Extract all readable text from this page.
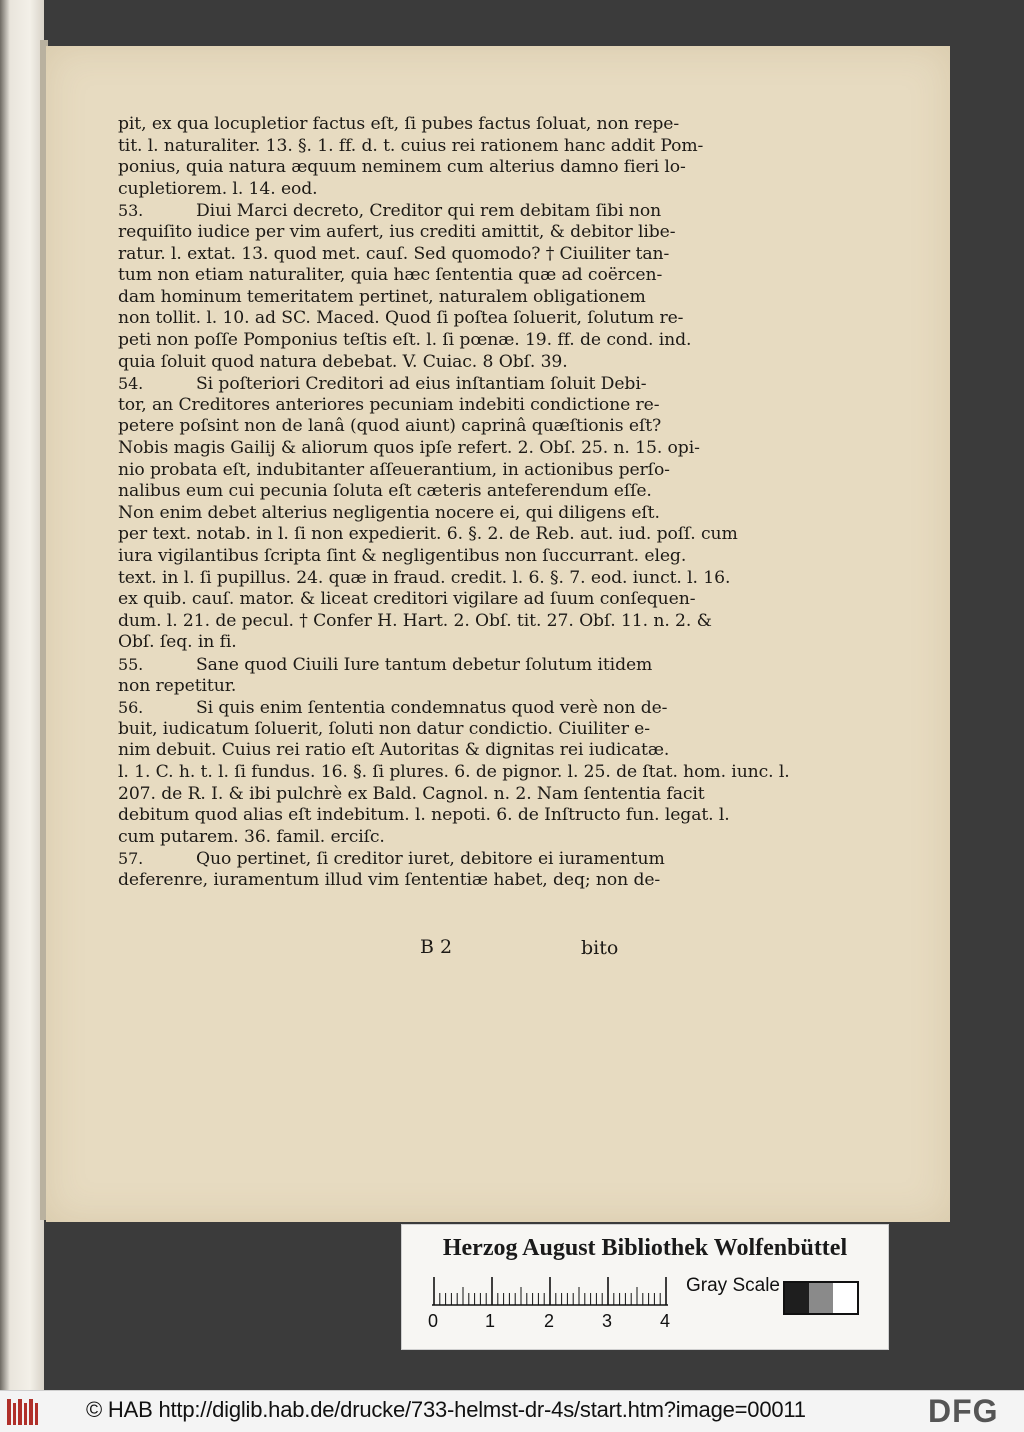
pit, ex qua locupletior factus eſt, ſi pubes factus ſoluat, non repe-
tit. l. naturaliter. 13. §. 1. ff. d. t. cuius rei rationem hanc addit Pom-
ponius, quia natura æquum neminem cum alterius damno fieri lo-
cupletiorem. l. 14. eod.
53.	Diui Marci decreto, Creditor qui rem debitam ſibi non
requiſito iudice per vim aufert, ius crediti amittit, & debitor libe-
ratur. l. extat. 13. quod met. cauſ. Sed quomodo? † Ciuiliter tan-
tum non etiam naturaliter, quia hæc ſententia quæ ad coërcen-
dam hominum temeritatem pertinet, naturalem obligationem
non tollit. l. 10. ad SC. Maced. Quod ſi poſtea ſoluerit, ſolutum re-
peti non poſſe Pomponius teſtis eſt. l. ſi pœnæ. 19. ff. de cond. ind.
quia ſoluit quod natura debebat. V. Cuiac. 8 Obſ. 39.
54.	Si poſteriori Creditori ad eius inſtantiam ſoluit Debi-
tor, an Creditores anteriores pecuniam indebiti condictione re-
petere poſsint non de lanâ (quod aiunt) caprinâ quæſtionis eſt?
Nobis magis Gailij & aliorum quos ipſe refert. 2. Obſ. 25. n. 15. opi-
nio probata eſt, indubitanter aſſeuerantium, in actionibus perſo-
nalibus eum cui pecunia ſoluta eſt cæteris anteferendum eſſe.
Non enim debet alterius negligentia nocere ei, qui diligens eſt.
per text. notab. in l. ſi non expedierit. 6. §. 2. de Reb. aut. iud. poſſ. cum
iura vigilantibus ſcripta ſint & negligentibus non ſuccurrant. eleg.
text. in l. ſi pupillus. 24. quæ in fraud. credit. l. 6. §. 7. eod. iunct. l. 16.
ex quib. cauſ. mator. & liceat creditori vigilare ad ſuum conſequen-
dum. l. 21. de pecul. † Confer H. Hart. 2. Obſ. tit. 27. Obſ. 11. n. 2. &
Obſ. ſeq. in fi.
55.	Sane quod Ciuili Iure tantum debetur ſolutum itidem
non repetitur.
56.	Si quis enim ſententia condemnatus quod verè non de-
buit, iudicatum ſoluerit, ſoluti non datur condictio. Ciuiliter e-
nim debuit. Cuius rei ratio eſt Autoritas & dignitas rei iudicatæ.
l. 1. C. h. t. l. ſi fundus. 16. §. ſi plures. 6. de pignor. l. 25. de ſtat. hom. iunc. l.
207. de R. I. & ibi pulchrè ex Bald. Cagnol. n. 2. Nam ſententia facit
debitum quod alias eſt indebitum. l. nepoti. 6. de Inſtructo fun. legat. l.
cum putarem. 36. famil. erciſc.
57.	Quo pertinet, ſi creditor iuret, debitore ei iuramentum
deferenre, iuramentum illud vim ſententiæ habet, deq; non de-
B 2	bito
Herzog August Bibliothek Wolfenbüttel
0	1	2	3	4
Gray Scale
© HAB http://diglib.hab.de/drucke/733-helmst-dr-4s/start.htm?image=00011	DFG
